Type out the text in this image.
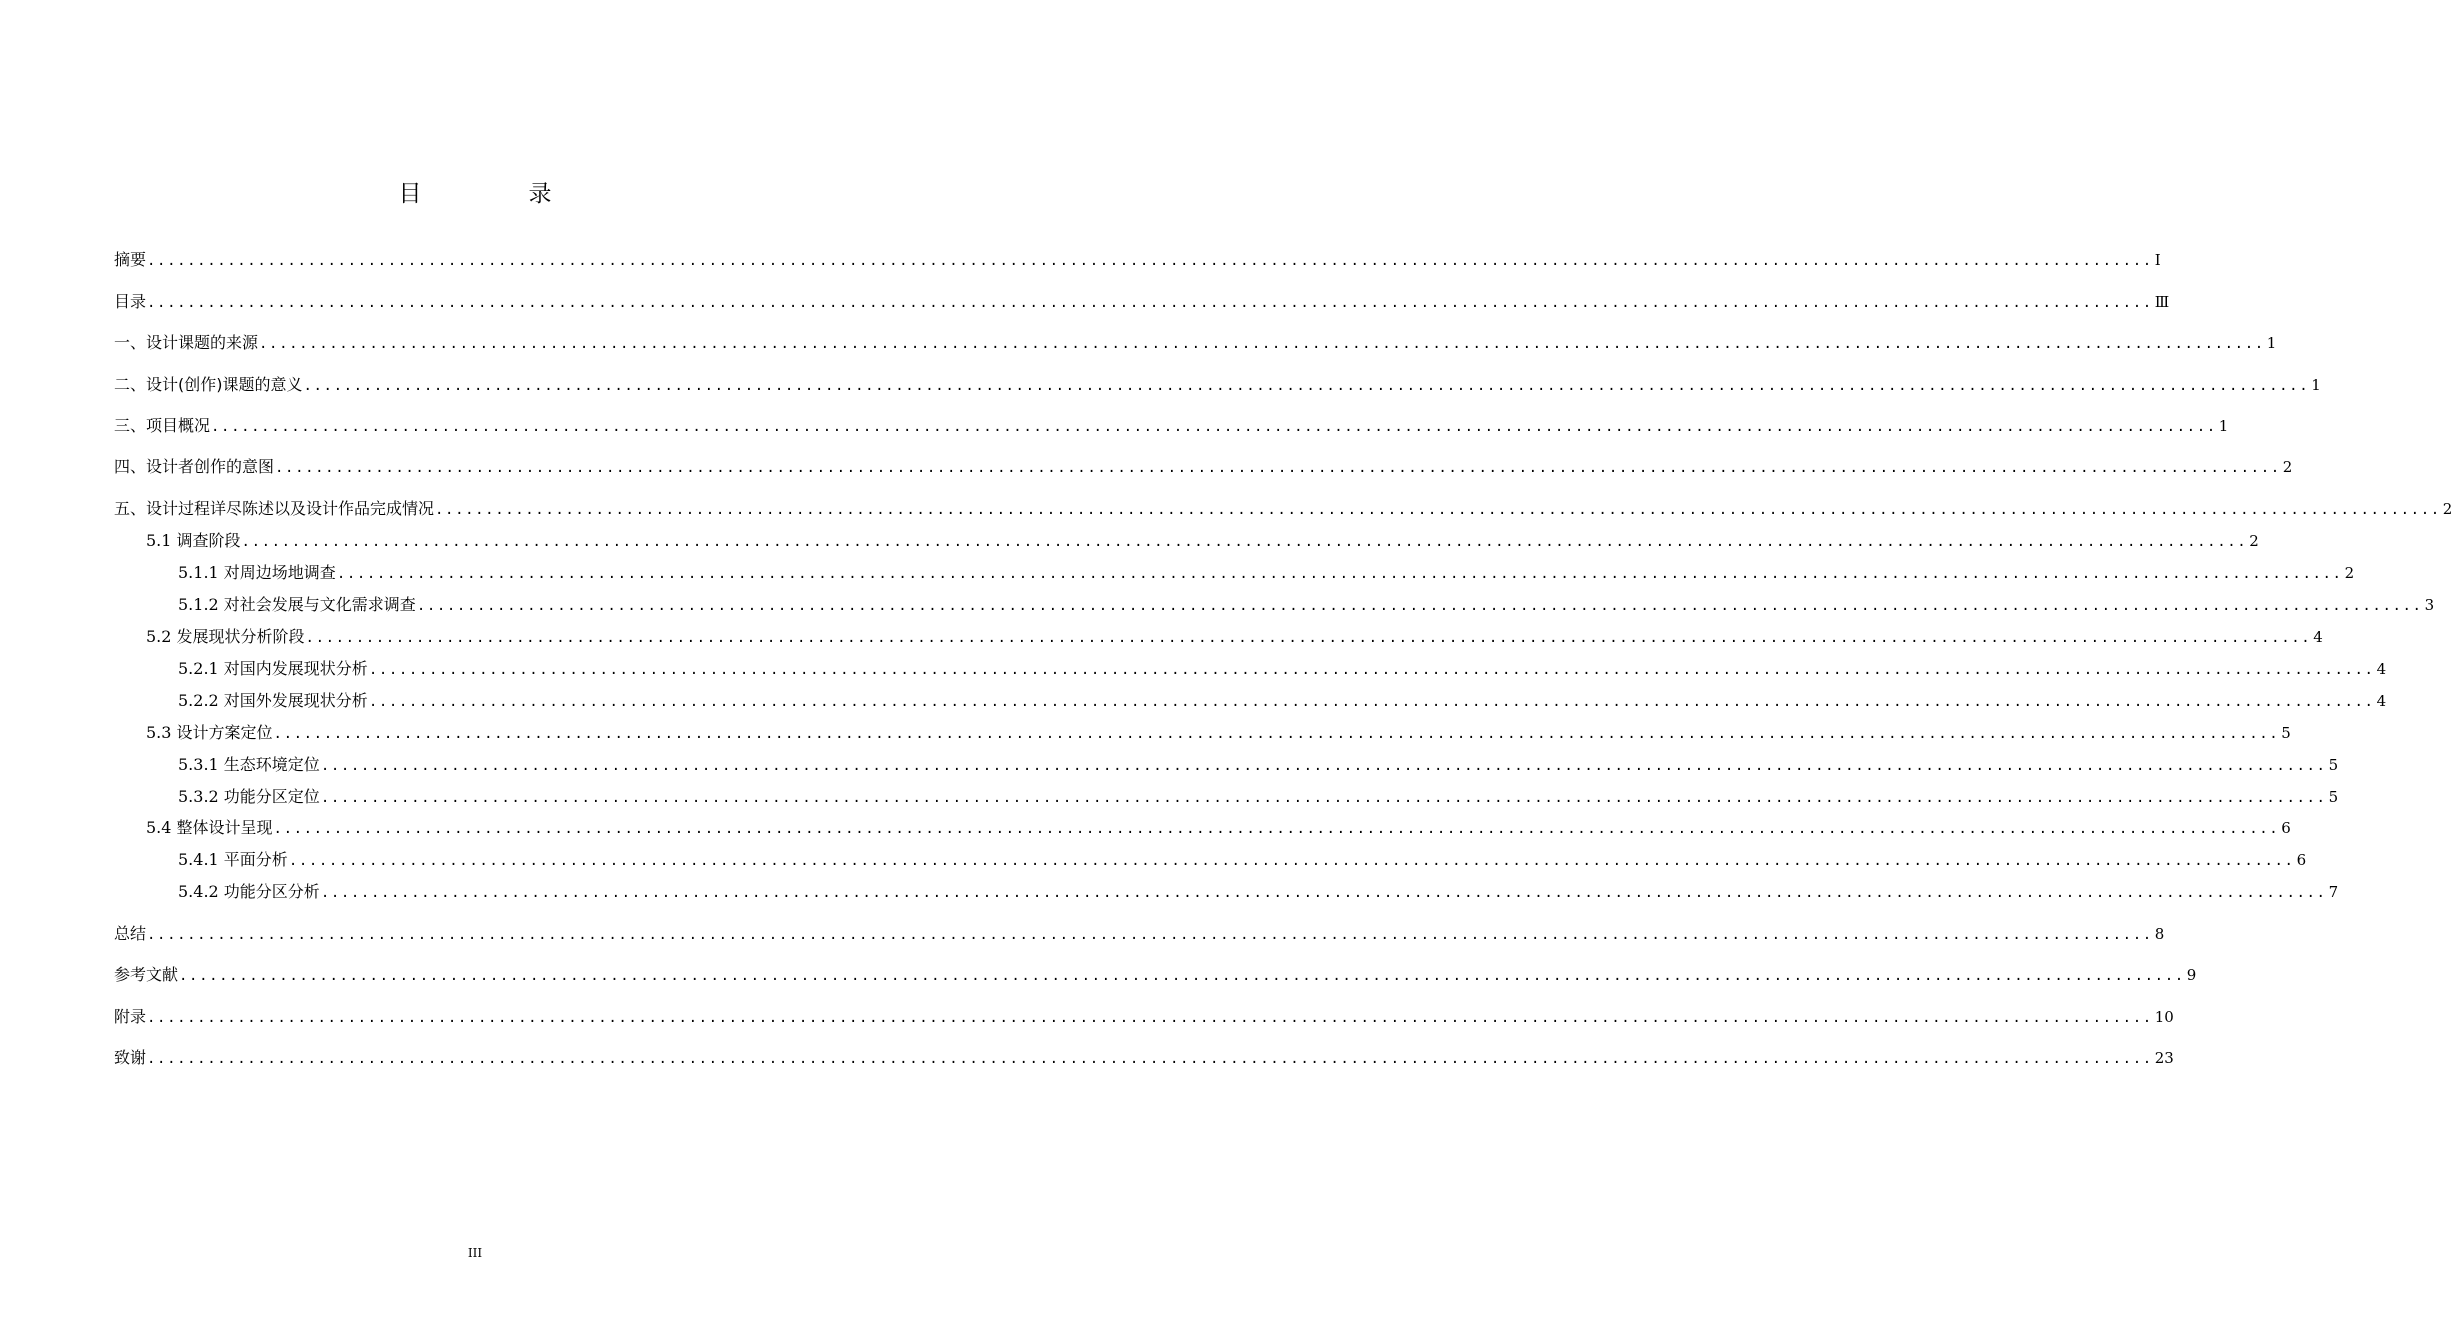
目　录
摘要 ........................................................................................................................................................................................................ I
目录 ........................................................................................................................................................................................................ Ⅲ
一、设计课题的来源 ........................................................................................................................................................................................................ 1
二、设计(创作)课题的意义 ........................................................................................................................................................................................................ 1
三、项目概况 ........................................................................................................................................................................................................ 1
四、设计者创作的意图 ........................................................................................................................................................................................................ 2
五、设计过程详尽陈述以及设计作品完成情况 ........................................................................................................................................................................................................ 2
5.1 调查阶段 ........................................................................................................................................................................................................ 2
5.1.1 对周边场地调查 ........................................................................................................................................................................................................ 2
5.1.2 对社会发展与文化需求调查 ........................................................................................................................................................................................................ 3
5.2 发展现状分析阶段 ........................................................................................................................................................................................................ 4
5.2.1 对国内发展现状分析 ........................................................................................................................................................................................................ 4
5.2.2 对国外发展现状分析 ........................................................................................................................................................................................................ 4
5.3 设计方案定位 ........................................................................................................................................................................................................ 5
5.3.1 生态环境定位 ........................................................................................................................................................................................................ 5
5.3.2 功能分区定位 ........................................................................................................................................................................................................ 5
5.4 整体设计呈现 ........................................................................................................................................................................................................ 6
5.4.1 平面分析 ........................................................................................................................................................................................................ 6
5.4.2 功能分区分析 ........................................................................................................................................................................................................ 7
总结 ........................................................................................................................................................................................................ 8
参考文献 ........................................................................................................................................................................................................ 9
附录 ........................................................................................................................................................................................................ 10
致谢 ........................................................................................................................................................................................................ 23
III
